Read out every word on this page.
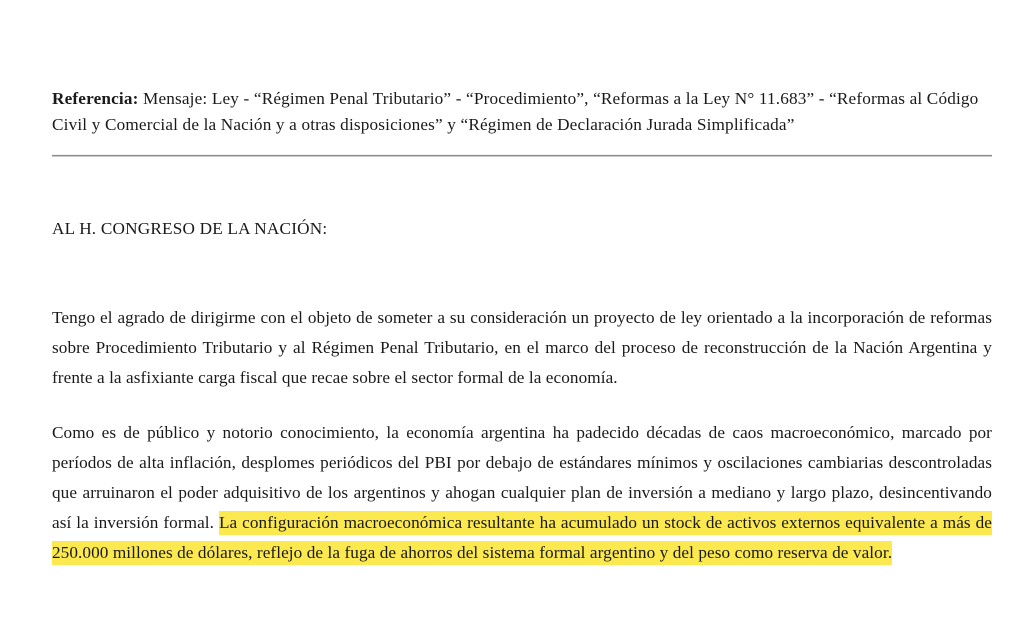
Referencia: Mensaje: Ley - “Régimen Penal Tributario” - “Procedimiento”, “Reformas a la Ley N° 11.683” - “Reformas al Código Civil y Comercial de la Nación y a otras disposiciones” y “Régimen de Declaración Jurada Simplificada”

AL H. CONGRESO DE LA NACIÓN:

Tengo el agrado de dirigirme con el objeto de someter a su consideración un proyecto de ley orientado a la incorporación de reformas sobre Procedimiento Tributario y al Régimen Penal Tributario, en el marco del proceso de reconstrucción de la Nación Argentina y frente a la asfixiante carga fiscal que recae sobre el sector formal de la economía.

Como es de público y notorio conocimiento, la economía argentina ha padecido décadas de caos macroeconómico, marcado por períodos de alta inflación, desplomes periódicos del PBI por debajo de estándares mínimos y oscilaciones cambiarias descontroladas que arruinaron el poder adquisitivo de los argentinos y ahogan cualquier plan de inversión a mediano y largo plazo, desincentivando así la inversión formal. La configuración macroeconómica resultante ha acumulado un stock de activos externos equivalente a más de 250.000 millones de dólares, reflejo de la fuga de ahorros del sistema formal argentino y del peso como reserva de valor.
